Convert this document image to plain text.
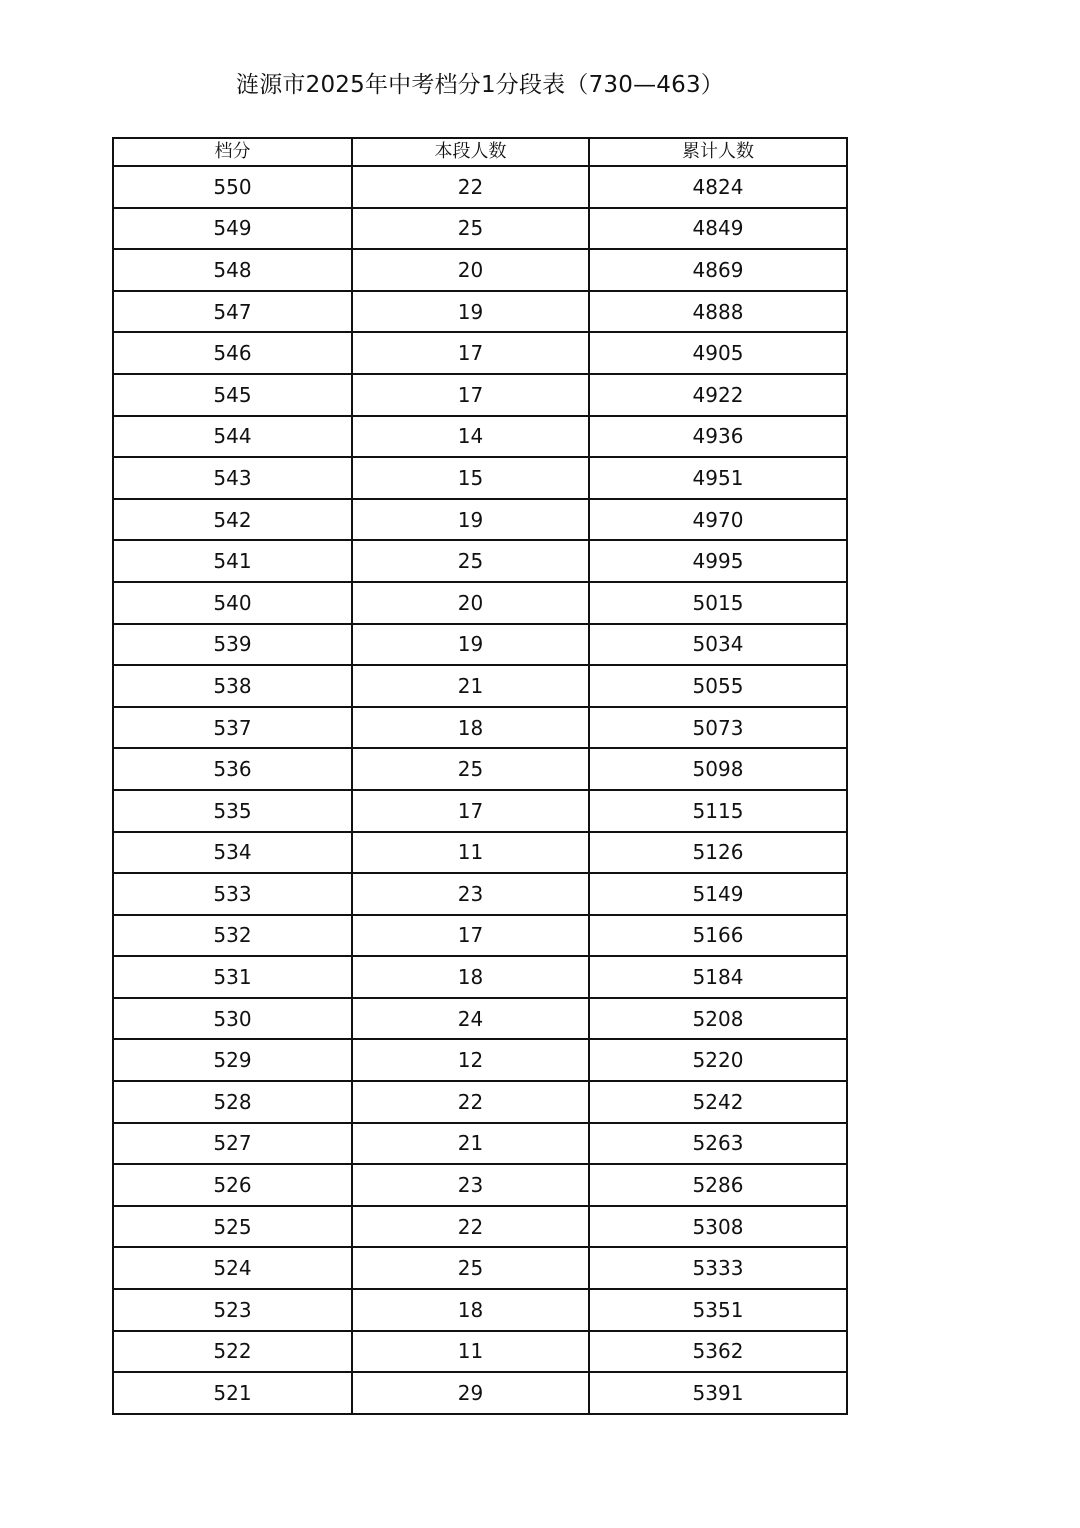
涟源市2025年中考档分1分段表（730—463）
档分	本段人数	累计人数
550	22	4824
549	25	4849
548	20	4869
547	19	4888
546	17	4905
545	17	4922
544	14	4936
543	15	4951
542	19	4970
541	25	4995
540	20	5015
539	19	5034
538	21	5055
537	18	5073
536	25	5098
535	17	5115
534	11	5126
533	23	5149
532	17	5166
531	18	5184
530	24	5208
529	12	5220
528	22	5242
527	21	5263
526	23	5286
525	22	5308
524	25	5333
523	18	5351
522	11	5362
521	29	5391
